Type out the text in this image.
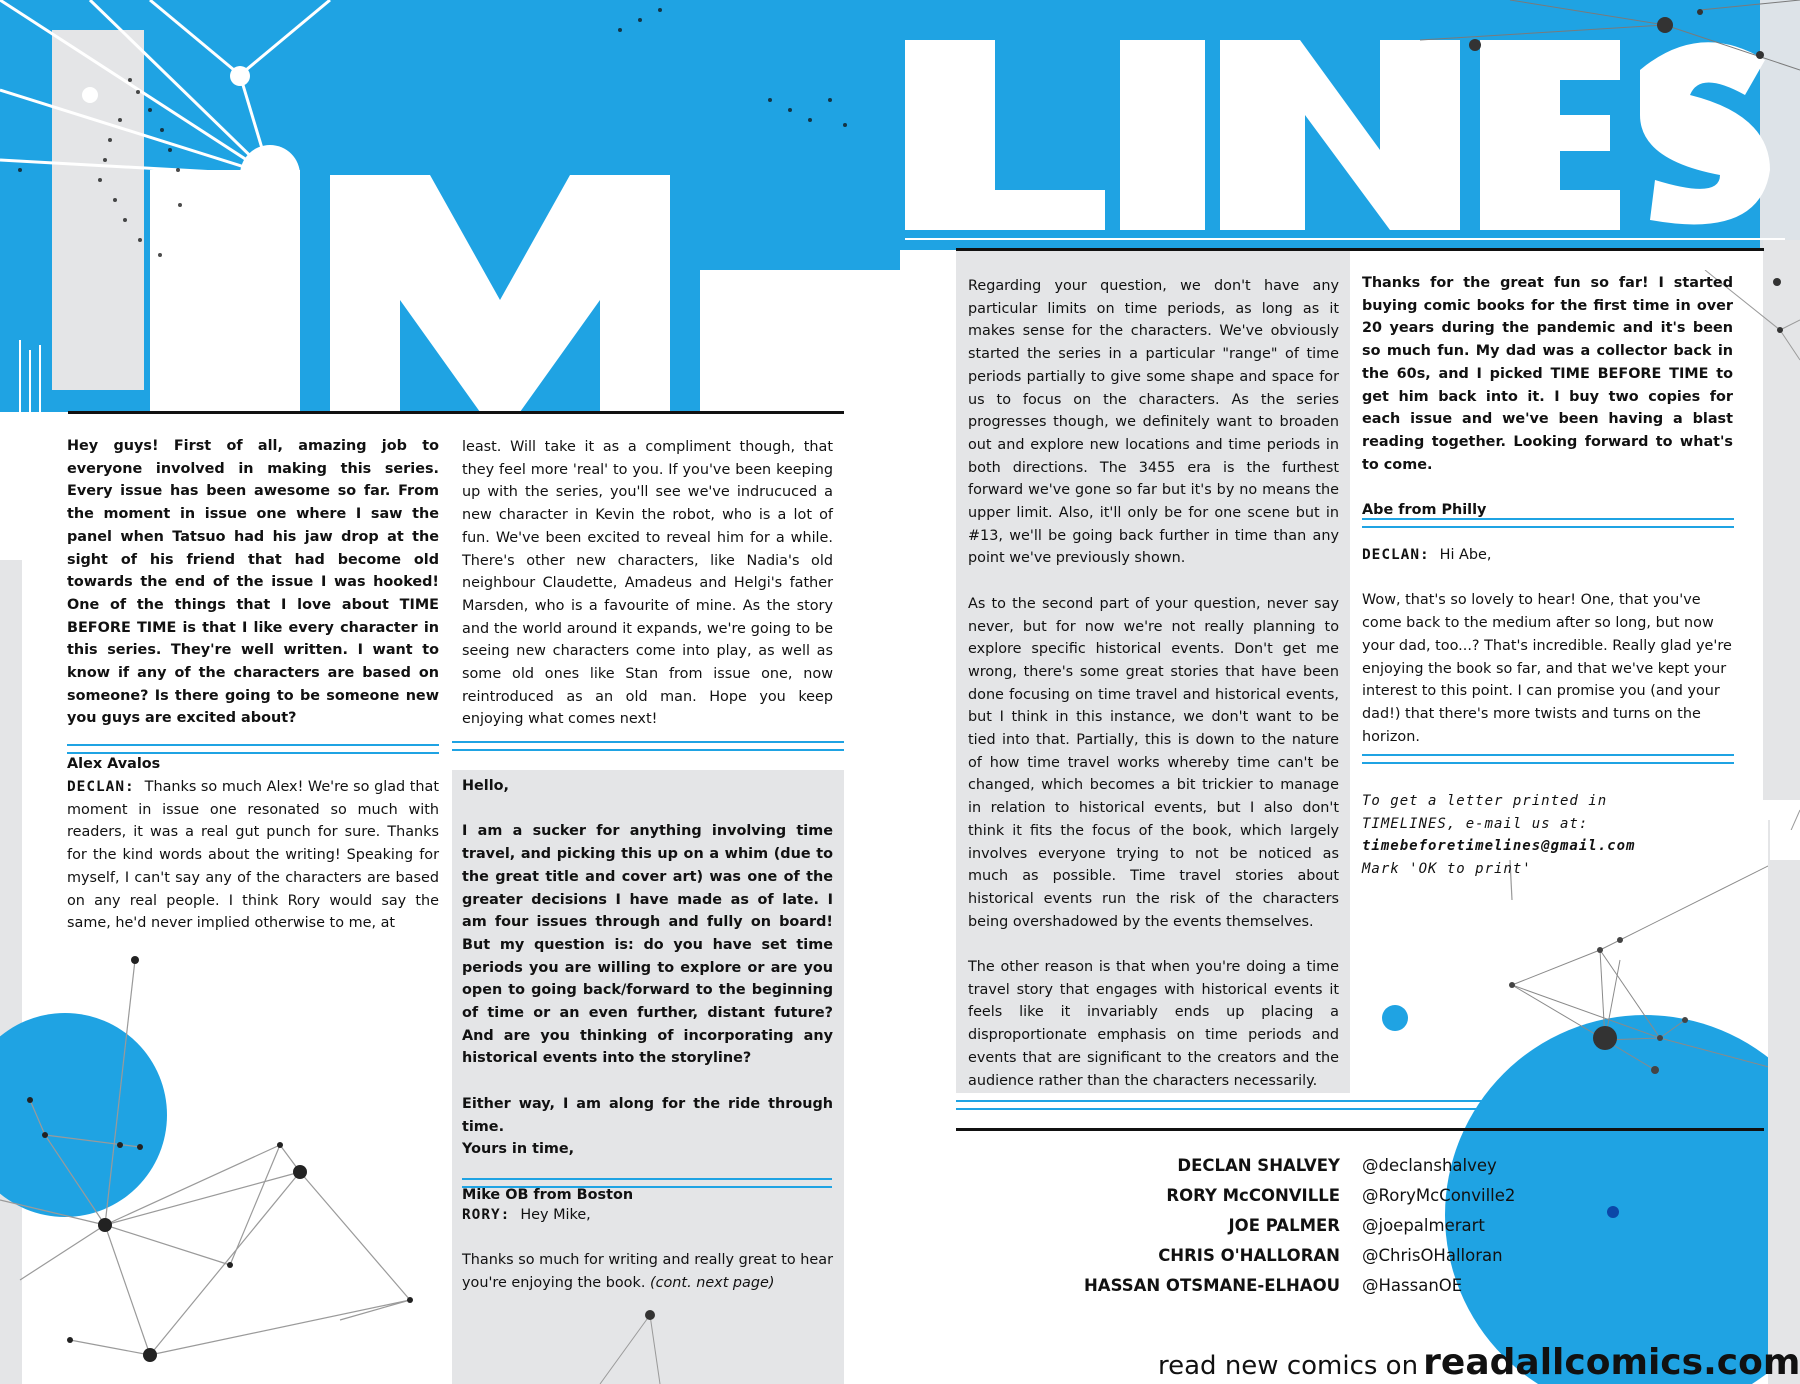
Hey guys! First of all, amazing job to everyone involved in making this series. Every issue has been awesome so far. From the moment in issue one where I saw the panel when Tatsuo had his jaw drop at the sight of his friend that had become old towards the end of the issue I was hooked! One of the things that I love about TIME BEFORE TIME is that I like every character in this series. They're well written. I want to know if any of the characters are based on someone? Is there going to be someone new you guys are excited about?

Alex Avalos

DECLAN: Thanks so much Alex! We're so glad that moment in issue one resonated so much with readers, it was a real gut punch for sure. Thanks for the kind words about the writing! Speaking for myself, I can't say any of the characters are based on any real people. I think Rory would say the same, he'd never implied otherwise to me, at

least. Will take it as a compliment though, that they feel more 'real' to you. If you've been keeping up with the series, you'll see we've indrucuced a new character in Kevin the robot, who is a lot of fun. We've been excited to reveal him for a while. There's other new characters, like Nadia's old neighbour Claudette, Amadeus and Helgi's father Marsden, who is a favourite of mine. As the story and the world around it expands, we're going to be seeing new characters come into play, as well as some old ones like Stan from issue one, now reintroduced as an old man. Hope you keep enjoying what comes next!

Hello,

I am a sucker for anything involving time travel, and picking this up on a whim (due to the great title and cover art) was one of the greater decisions I have made as of late. I am four issues through and fully on board! But my question is: do you have set time periods you are willing to explore or are you open to going back/forward to the beginning of time or an even further, distant future? And are you thinking of incorporating any historical events into the storyline?

Either way, I am along for the ride through time.

Yours in time,

Mike OB from Boston

RORY: Hey Mike,

Thanks so much for writing and really great to hear you're enjoying the book. (cont. next page)

Regarding your question, we don't have any particular limits on time periods, as long as it makes sense for the characters. We've obviously started the series in a particular "range" of time periods partially to give some shape and space for us to focus on the characters. As the series progresses though, we definitely want to broaden out and explore new locations and time periods in both directions. The 3455 era is the furthest forward we've gone so far but it's by no means the upper limit. Also, it'll only be for one scene but in #13, we'll be going back further in time than any point we've previously shown.

As to the second part of your question, never say never, but for now we're not really planning to explore specific historical events. Don't get me wrong, there's some great stories that have been done focusing on time travel and historical events, but I think in this instance, we don't want to be tied into that. Partially, this is down to the nature of how time travel works whereby time can't be changed, which becomes a bit trickier to manage in relation to historical events, but I also don't think it fits the focus of the book, which largely involves everyone trying to not be noticed as much as possible. Time travel stories about historical events run the risk of the characters being overshadowed by the events themselves.

The other reason is that when you're doing a time travel story that engages with historical events it feels like it invariably ends up placing a disproportionate emphasis on time periods and events that are significant to the creators and the audience rather than the characters necessarily.

Thanks for the great fun so far! I started buying comic books for the first time in over 20 years during the pandemic and it's been so much fun. My dad was a collector back in the 60s, and I picked TIME BEFORE TIME to get him back into it. I buy two copies for each issue and we've been having a blast reading together. Looking forward to what's to come.

Abe from Philly

DECLAN: Hi Abe,

Wow, that's so lovely to hear! One, that you've come back to the medium after so long, but now your dad, too...? That's incredible. Really glad ye're enjoying the book so far, and that we've kept your interest to this point. I can promise you (and your dad!) that there's more twists and turns on the horizon.

To get a letter printed in
TIMELINES, e-mail us at:
timebeforetimelines@gmail.com
Mark 'OK to print'
DECLAN SHALVEY
RORY McCONVILLE
JOE PALMER
CHRIS O'HALLORAN
HASSAN OTSMANE-ELHAOU
@declanshalvey
@RoryMcConville2
@joepalmerart
@ChrisOHalloran
@HassanOE
read new comics on readallcomics.com
